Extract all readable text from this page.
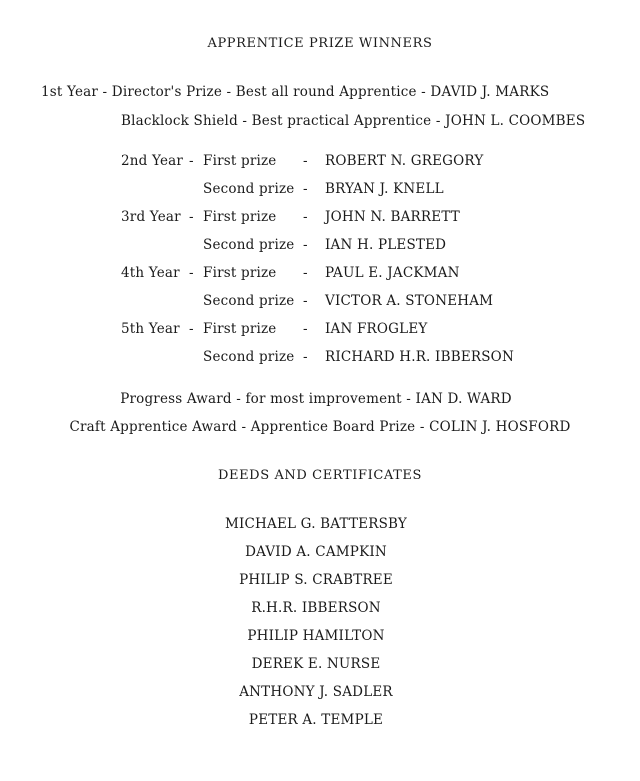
APPRENTICE PRIZE WINNERS
1st Year - Director's Prize - Best all round Apprentice - DAVID J. MARKS
Blacklock Shield - Best practical Apprentice - JOHN L. COOMBES
2nd Year - First prize - ROBERT N. GREGORY
Second prize - BRYAN J. KNELL
3rd Year - First prize - JOHN N. BARRETT
Second prize - IAN H. PLESTED
4th Year - First prize - PAUL E. JACKMAN
Second prize - VICTOR A. STONEHAM
5th Year - First prize - IAN FROGLEY
Second prize - RICHARD H.R. IBBERSON
Progress Award - for most improvement - IAN D. WARD
Craft Apprentice Award - Apprentice Board Prize - COLIN J. HOSFORD
DEEDS AND CERTIFICATES
MICHAEL G. BATTERSBY
DAVID A. CAMPKIN
PHILIP S. CRABTREE
R.H.R. IBBERSON
PHILIP HAMILTON
DEREK E. NURSE
ANTHONY J. SADLER
PETER A. TEMPLE
